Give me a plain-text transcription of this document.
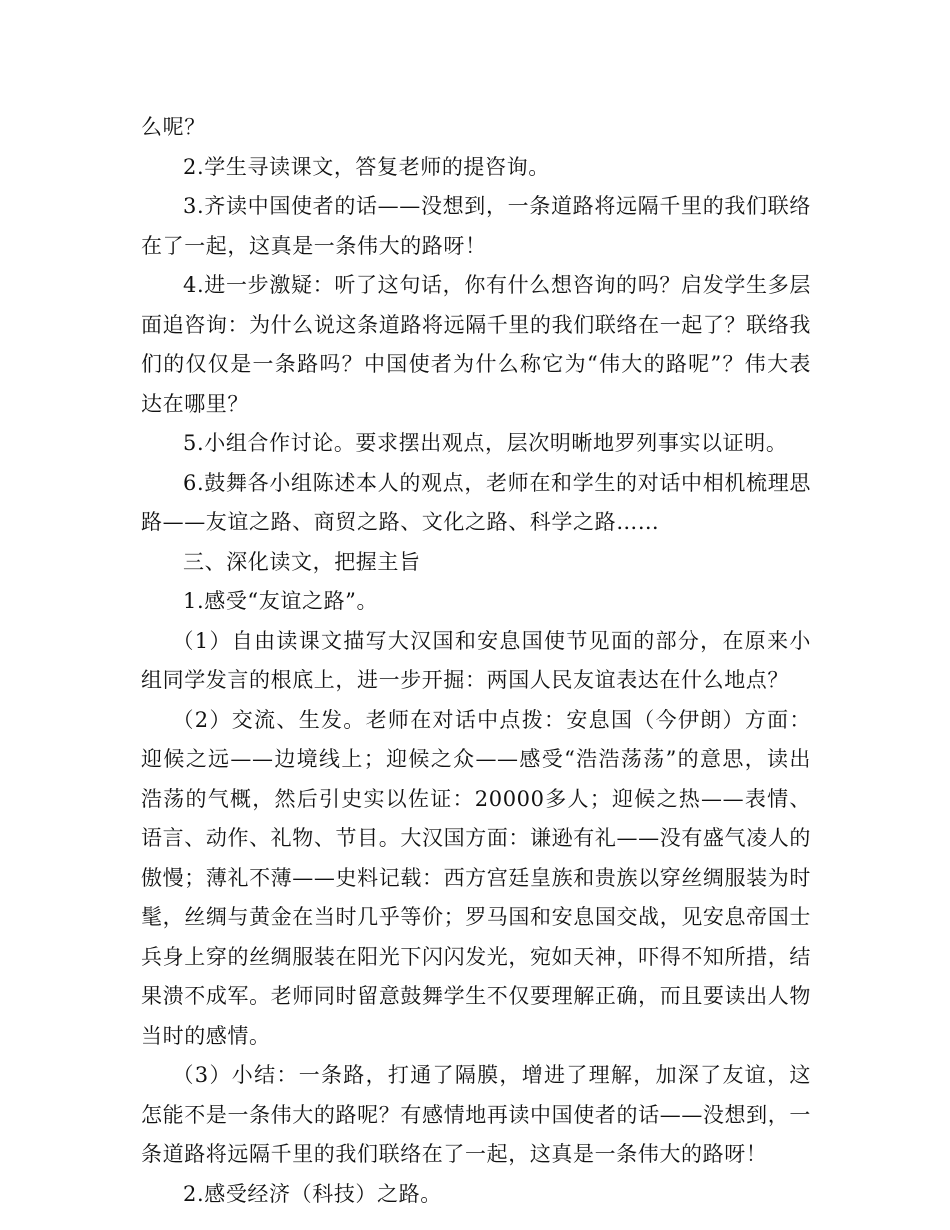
么呢？

2.学生寻读课文，答复老师的提咨询。

3.齐读中国使者的话——没想到，一条道路将远隔千里的我们联络在了一起，这真是一条伟大的路呀！

4.进一步激疑：听了这句话，你有什么想咨询的吗？启发学生多层面追咨询：为什么说这条道路将远隔千里的我们联络在一起了？联络我们的仅仅是一条路吗？中国使者为什么称它为“伟大的路呢”？伟大表达在哪里？

5.小组合作讨论。要求摆出观点，层次明晰地罗列事实以证明。

6.鼓舞各小组陈述本人的观点，老师在和学生的对话中相机梳理思路——友谊之路、商贸之路、文化之路、科学之路……

三、深化读文，把握主旨

1.感受“友谊之路”。

（1）自由读课文描写大汉国和安息国使节见面的部分，在原来小组同学发言的根底上，进一步开掘：两国人民友谊表达在什么地点？

（2）交流、生发。老师在对话中点拨：安息国（今伊朗）方面：迎候之远——边境线上；迎候之众——感受“浩浩荡荡”的意思，读出浩荡的气概，然后引史实以佐证：20000多人；迎候之热——表情、语言、动作、礼物、节目。大汉国方面：谦逊有礼——没有盛气凌人的傲慢；薄礼不薄——史料记载：西方宫廷皇族和贵族以穿丝绸服装为时髦，丝绸与黄金在当时几乎等价；罗马国和安息国交战，见安息帝国士兵身上穿的丝绸服装在阳光下闪闪发光，宛如天神，吓得不知所措，结果溃不成军。老师同时留意鼓舞学生不仅要理解正确，而且要读出人物当时的感情。

（3）小结：一条路，打通了隔膜，增进了理解，加深了友谊，这怎能不是一条伟大的路呢？有感情地再读中国使者的话——没想到，一条道路将远隔千里的我们联络在了一起，这真是一条伟大的路呀！

2.感受经济（科技）之路。
